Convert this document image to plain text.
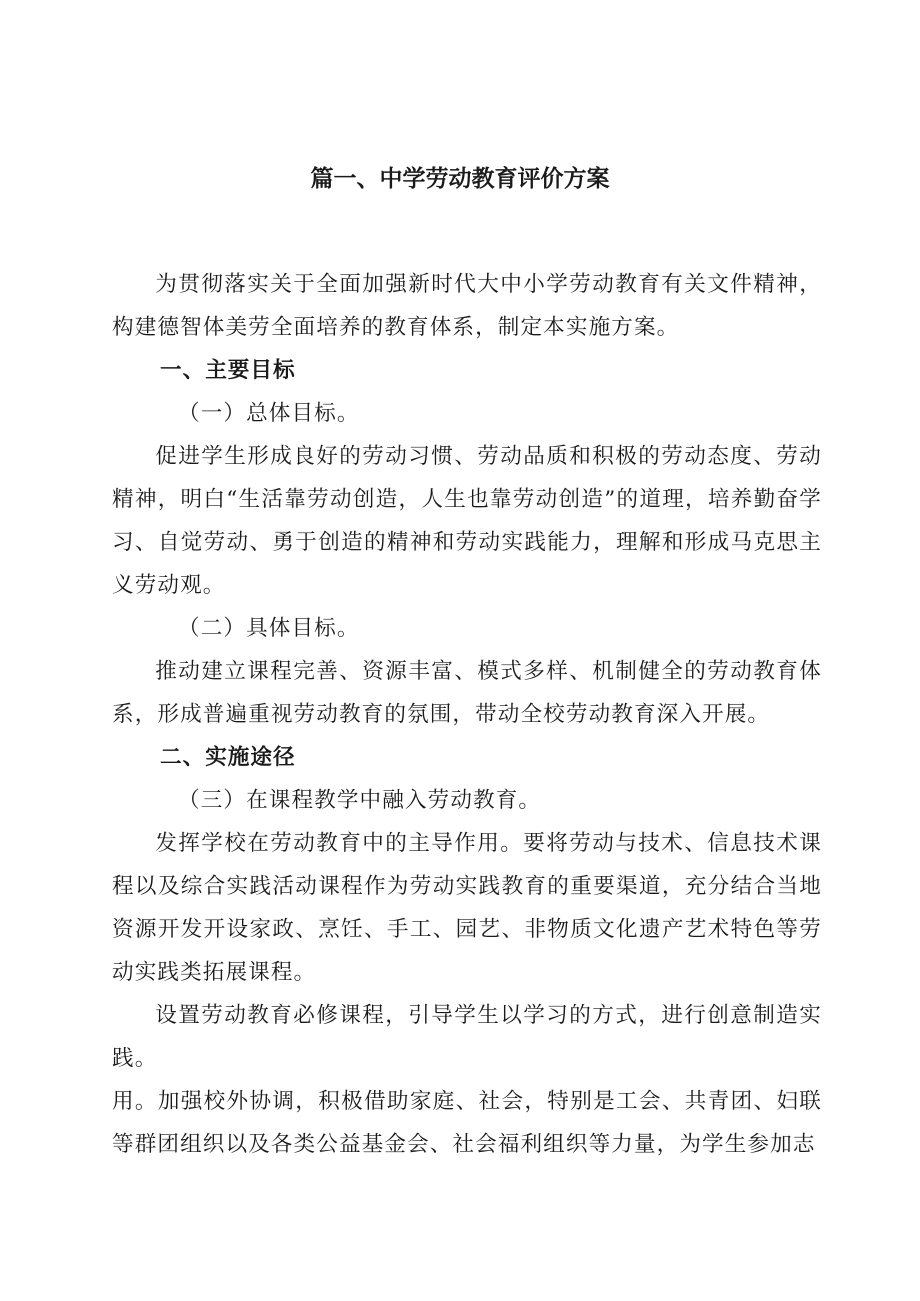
篇一、中学劳动教育评价方案

为贯彻落实关于全面加强新时代大中小学劳动教育有关文件精神，构建德智体美劳全面培养的教育体系，制定本实施方案。

一、主要目标

（一）总体目标。

促进学生形成良好的劳动习惯、劳动品质和积极的劳动态度、劳动精神，明白“生活靠劳动创造，人生也靠劳动创造”的道理，培养勤奋学习、自觉劳动、勇于创造的精神和劳动实践能力，理解和形成马克思主义劳动观。

（二）具体目标。

推动建立课程完善、资源丰富、模式多样、机制健全的劳动教育体系，形成普遍重视劳动教育的氛围，带动全校劳动教育深入开展。

二、实施途径

（三）在课程教学中融入劳动教育。

发挥学校在劳动教育中的主导作用。要将劳动与技术、信息技术课程以及综合实践活动课程作为劳动实践教育的重要渠道，充分结合当地资源开发开设家政、烹饪、手工、园艺、非物质文化遗产艺术特色等劳动实践类拓展课程。

设置劳动教育必修课程，引导学生以学习的方式，进行创意制造实践。

用。加强校外协调，积极借助家庭、社会，特别是工会、共青团、妇联等群团组织以及各类公益基金会、社会福利组织等力量，为学生参加志
